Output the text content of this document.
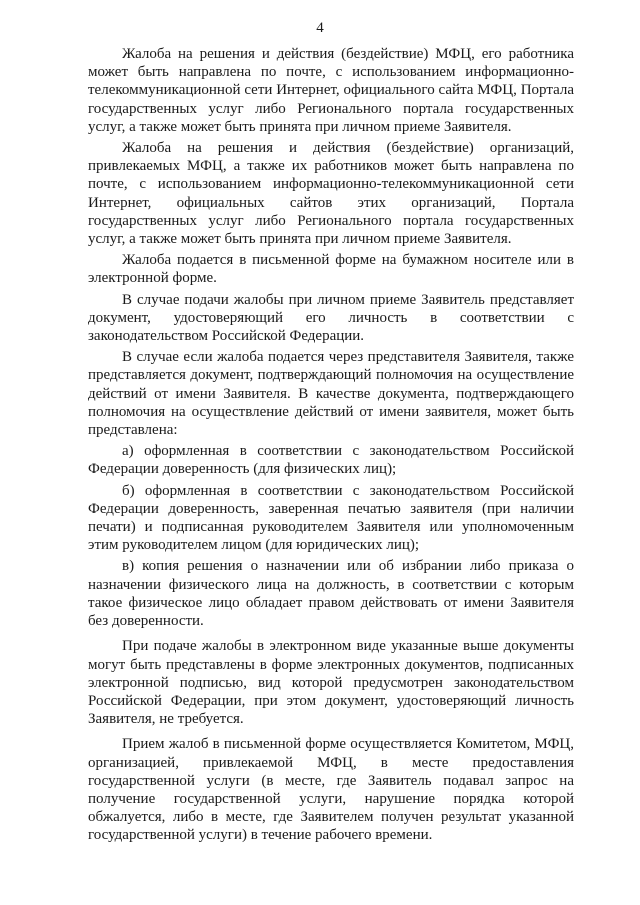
4

Жалоба на решения и действия (бездействие) МФЦ, его работника может быть направлена по почте, с использованием информационно-телекоммуникационной сети Интернет, официального сайта МФЦ, Портала государственных услуг либо Регионального портала государственных услуг, а также может быть принята при личном приеме Заявителя.

Жалоба на решения и действия (бездействие) организаций, привлекаемых МФЦ, а также их работников может быть направлена по почте, с использованием информационно-телекоммуникационной сети Интернет, официальных сайтов этих организаций, Портала государственных услуг либо Регионального портала государственных услуг, а также может быть принята при личном приеме Заявителя.

Жалоба подается в письменной форме на бумажном носителе или в электронной форме.

В случае подачи жалобы при личном приеме Заявитель представляет документ, удостоверяющий его личность в соответствии с законодательством Российской Федерации.

В случае если жалоба подается через представителя Заявителя, также представляется документ, подтверждающий полномочия на осуществление действий от имени Заявителя. В качестве документа, подтверждающего полномочия на осуществление действий от имени заявителя, может быть представлена:

а) оформленная в соответствии с законодательством Российской Федерации доверенность (для физических лиц);

б) оформленная в соответствии с законодательством Российской Федерации доверенность, заверенная печатью заявителя (при наличии печати) и подписанная руководителем Заявителя или уполномоченным этим руководителем лицом (для юридических лиц);

в) копия решения о назначении или об избрании либо приказа о назначении физического лица на должность, в соответствии с которым такое физическое лицо обладает правом действовать от имени Заявителя без доверенности.

При подаче жалобы в электронном виде указанные выше документы могут быть представлены в форме электронных документов, подписанных электронной подписью, вид которой предусмотрен законодательством Российской Федерации, при этом документ, удостоверяющий личность Заявителя, не требуется.

Прием жалоб в письменной форме осуществляется Комитетом, МФЦ, организацией, привлекаемой МФЦ, в месте предоставления государственной услуги (в месте, где Заявитель подавал запрос на получение государственной услуги, нарушение порядка которой обжалуется, либо в месте, где Заявителем получен результат указанной государственной услуги) в течение рабочего времени.
